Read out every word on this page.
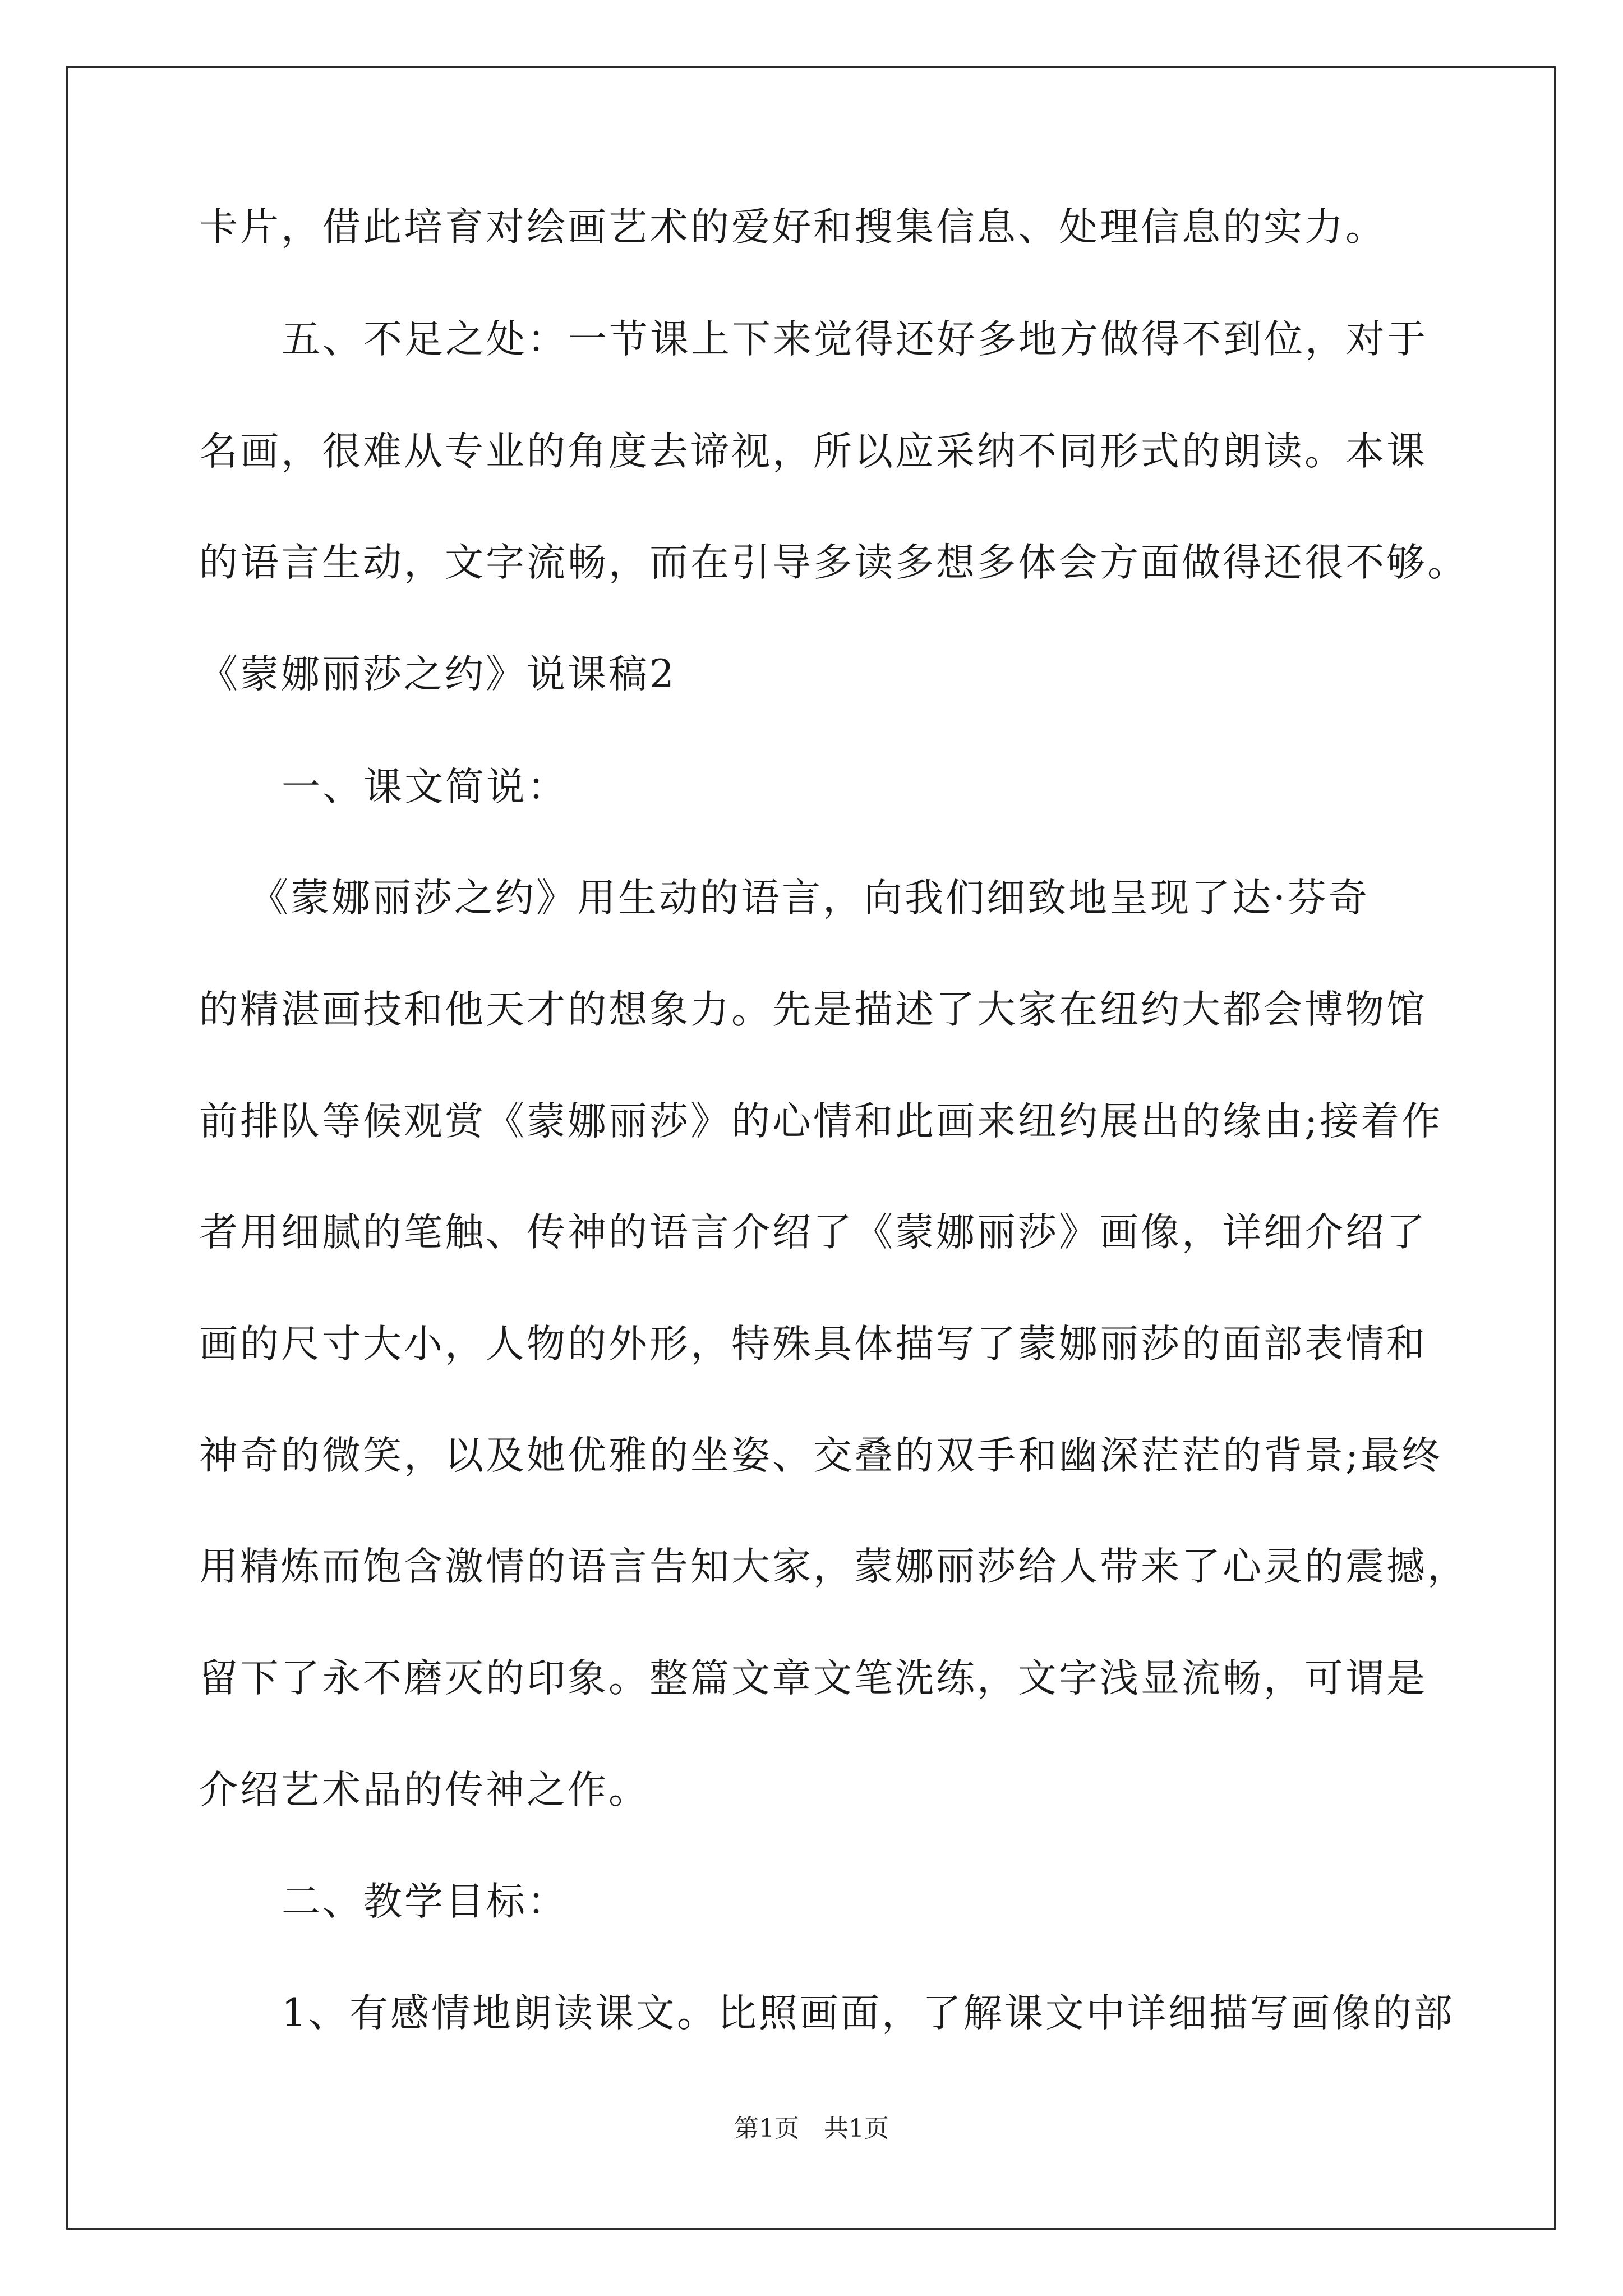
卡片，借此培育对绘画艺术的爱好和搜集信息、处理信息的实力。
五、不足之处：一节课上下来觉得还好多地方做得不到位，对于
名画，很难从专业的角度去谛视，所以应采纳不同形式的朗读。本课
的语言生动，文字流畅，而在引导多读多想多体会方面做得还很不够。
《蒙娜丽莎之约》说课稿2
一、课文简说：
《蒙娜丽莎之约》用生动的语言，向我们细致地呈现了达·芬奇
的精湛画技和他天才的想象力。先是描述了大家在纽约大都会博物馆
前排队等候观赏《蒙娜丽莎》的心情和此画来纽约展出的缘由;接着作
者用细腻的笔触、传神的语言介绍了《蒙娜丽莎》画像，详细介绍了
画的尺寸大小，人物的外形，特殊具体描写了蒙娜丽莎的面部表情和
神奇的微笑，以及她优雅的坐姿、交叠的双手和幽深茫茫的背景;最终
用精炼而饱含激情的语言告知大家，蒙娜丽莎给人带来了心灵的震撼，
留下了永不磨灭的印象。整篇文章文笔洗练，文字浅显流畅，可谓是
介绍艺术品的传神之作。
二、教学目标：
1、有感情地朗读课文。比照画面，了解课文中详细描写画像的部
第1页　共1页
